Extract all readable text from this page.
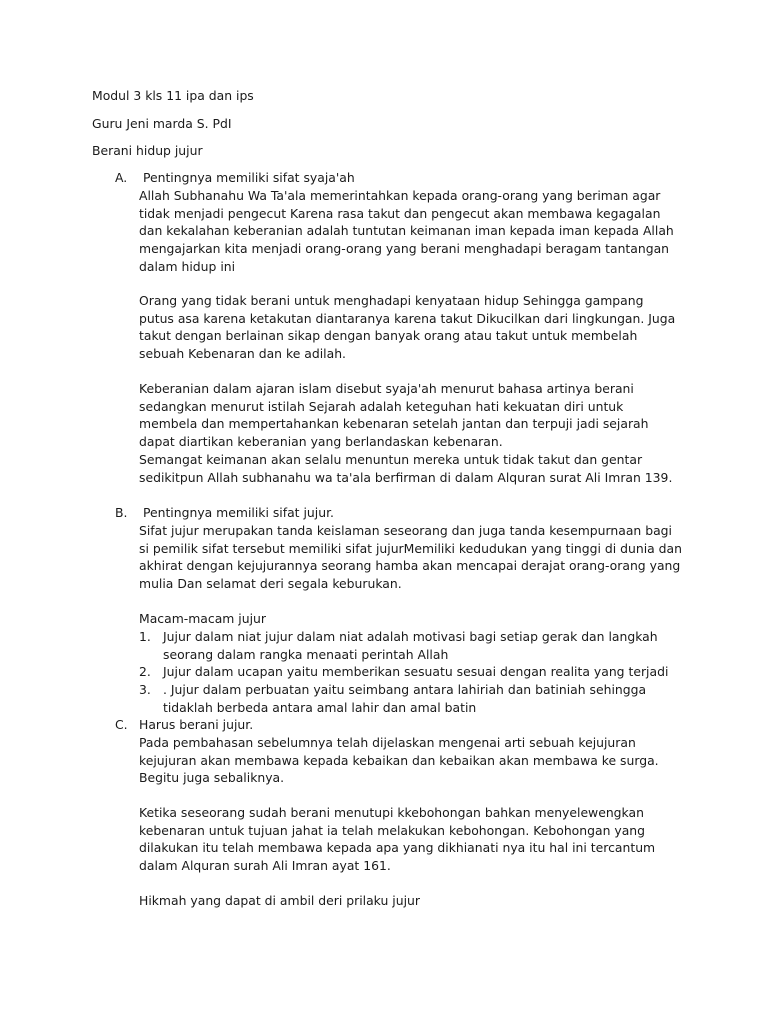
Modul 3 kls 11 ipa dan ips
Guru Jeni marda S. PdI
Berani hidup jujur
A. Pentingnya memiliki sifat syaja'ah

Allah Subhanahu Wa Ta'ala memerintahkan kepada orang-orang yang beriman agar tidak menjadi pengecut Karena rasa takut dan pengecut akan membawa kegagalan dan kekalahan keberanian adalah tuntutan keimanan iman kepada iman kepada Allah mengajarkan kita menjadi orang-orang yang berani menghadapi beragam tantangan dalam hidup ini

Orang yang tidak berani untuk menghadapi kenyataan hidup Sehingga gampang putus asa karena ketakutan diantaranya karena takut Dikucilkan dari lingkungan. Juga takut dengan berlainan sikap dengan banyak orang atau takut untuk membelah sebuah Kebenaran dan ke adilah.

Keberanian dalam ajaran islam disebut syaja'ah menurut bahasa artinya berani sedangkan menurut istilah Sejarah adalah keteguhan hati kekuatan diri untuk membela dan mempertahankan kebenaran setelah jantan dan terpuji jadi sejarah dapat diartikan keberanian yang berlandaskan kebenaran.

Semangat keimanan akan selalu menuntun mereka untuk tidak takut dan gentar sedikitpun Allah subhanahu wa ta'ala berfirman di dalam Alquran surat Ali Imran 139.

B. Pentingnya memiliki sifat jujur.

Sifat jujur merupakan tanda keislaman seseorang dan juga tanda kesempurnaan bagi si pemilik sifat tersebut memiliki sifat jujurMemiliki kedudukan yang tinggi di dunia dan akhirat dengan kejujurannya seorang hamba akan mencapai derajat orang-orang yang mulia Dan selamat deri segala keburukan.

Macam-macam jujur
1. Jujur dalam niat jujur dalam niat adalah motivasi bagi setiap gerak dan langkah seorang dalam rangka menaati perintah Allah
2. Jujur dalam ucapan yaitu memberikan sesuatu sesuai dengan realita yang terjadi
3. . Jujur dalam perbuatan yaitu seimbang antara lahiriah dan batiniah sehingga tidaklah berbeda antara amal lahir dan amal batin
C. Harus berani jujur.

Pada pembahasan sebelumnya telah dijelaskan mengenai arti sebuah kejujuran kejujuran akan membawa kepada kebaikan dan kebaikan akan membawa ke surga. Begitu juga sebaliknya.

Ketika seseorang sudah berani menutupi kkebohongan bahkan menyelewengkan kebenaran untuk tujuan jahat ia telah melakukan kebohongan. Kebohongan yang dilakukan itu telah membawa kepada apa yang dikhianati nya itu hal ini tercantum dalam Alquran surah Ali Imran ayat 161.

Hikmah yang dapat di ambil deri prilaku jujur
